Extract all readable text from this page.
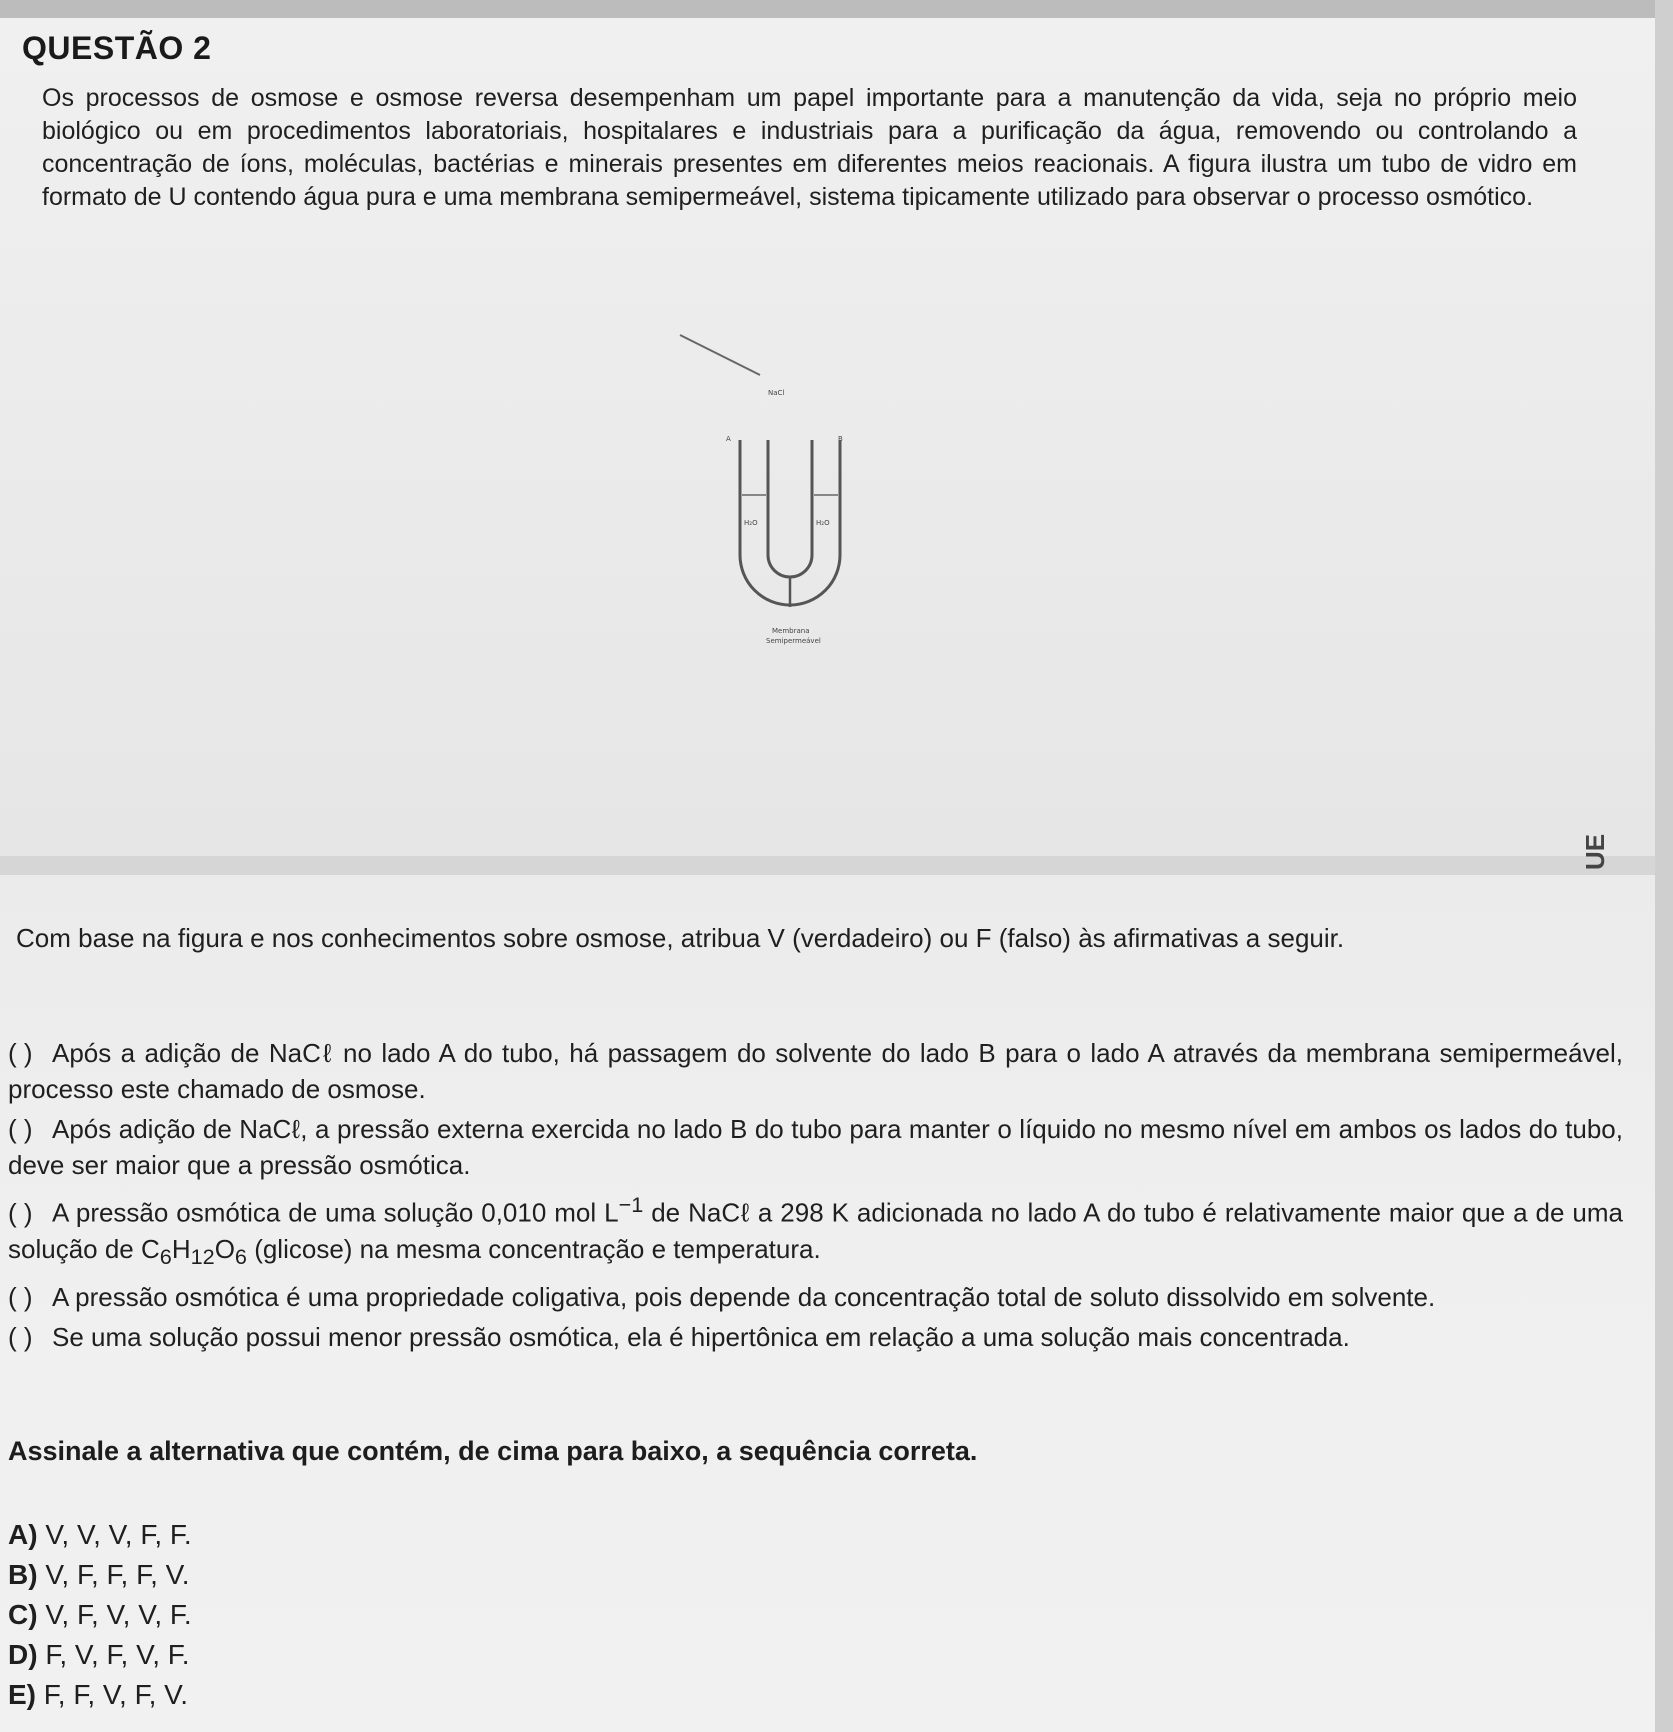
QUESTÃO 2

Os processos de osmose e osmose reversa desempenham um papel importante para a manutenção da vida, seja no próprio meio biológico ou em procedimentos laboratoriais, hospitalares e industriais para a purificação da água, removendo ou controlando a concentração de íons, moléculas, bactérias e minerais presentes em diferentes meios reacionais. A figura ilustra um tubo de vidro em formato de U contendo água pura e uma membrana semipermeável, sistema tipicamente utilizado para observar o processo osmótico.

NaCl
A	B
H₂O	H₂O
Membrana
Semipermeável

Com base na figura e nos conhecimentos sobre osmose, atribua V (verdadeiro) ou F (falso) às afirmativas a seguir.

( ) Após a adição de NaCℓ no lado A do tubo, há passagem do solvente do lado B para o lado A através da membrana semipermeável, processo este chamado de osmose.
( ) Após adição de NaCℓ, a pressão externa exercida no lado B do tubo para manter o líquido no mesmo nível em ambos os lados do tubo, deve ser maior que a pressão osmótica.
( ) A pressão osmótica de uma solução 0,010 mol $L^{-1}$ de NaCℓ a 298 K adicionada no lado A do tubo é relativamente maior que a de uma solução de $C_6H_{12}O_6$ (glicose) na mesma concentração e temperatura.
( ) A pressão osmótica é uma propriedade coligativa, pois depende da concentração total de soluto dissolvido em solvente.
( ) Se uma solução possui menor pressão osmótica, ela é hipertônica em relação a uma solução mais concentrada.
Assinale a alternativa que contém, de cima para baixo, a sequência correta.
A) V, V, V, F, F.
B) V, F, F, F, V.
C) V, F, V, V, F.
D) F, V, F, V, F.
E) F, F, V, F, V.
UE
